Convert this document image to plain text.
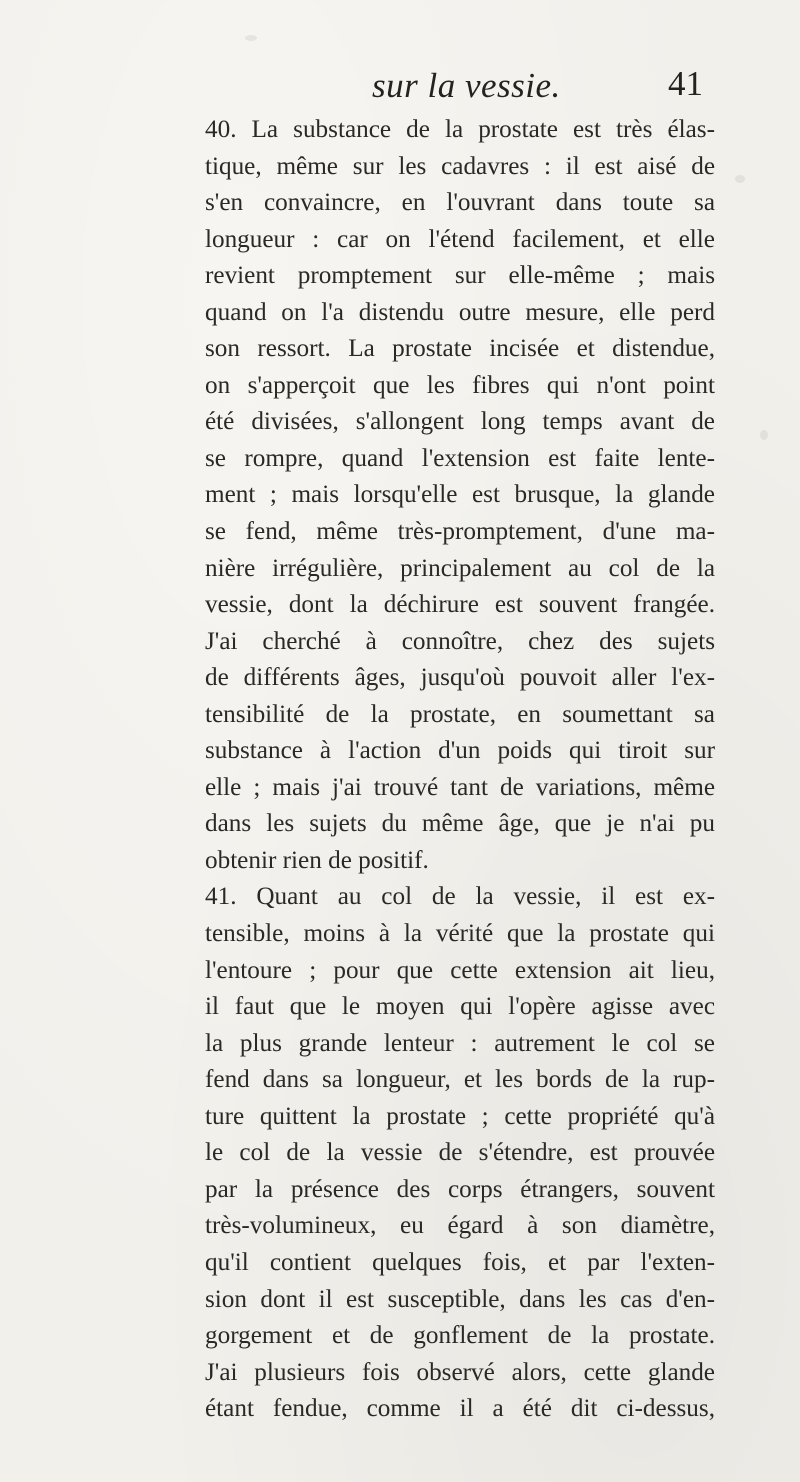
sur la vessie.	41
40. La substance de la prostate est très élas-
tique, même sur les cadavres : il est aisé de
s'en convaincre, en l'ouvrant dans toute sa
longueur : car on l'étend facilement, et elle
revient promptement sur elle-même ; mais
quand on l'a distendu outre mesure, elle perd
son ressort. La prostate incisée et distendue,
on s'apperçoit que les fibres qui n'ont point
été divisées, s'allongent long temps avant de
se rompre, quand l'extension est faite lente-
ment ; mais lorsqu'elle est brusque, la glande
se fend, même très-promptement, d'une ma-
nière irrégulière, principalement au col de la
vessie, dont la déchirure est souvent frangée.
J'ai cherché à connoître, chez des sujets
de différents âges, jusqu'où pouvoit aller l'ex-
tensibilité de la prostate, en soumettant sa
substance à l'action d'un poids qui tiroit sur
elle ; mais j'ai trouvé tant de variations, même
dans les sujets du même âge, que je n'ai pu
obtenir rien de positif.
41. Quant au col de la vessie, il est ex-
tensible, moins à la vérité que la prostate qui
l'entoure ; pour que cette extension ait lieu,
il faut que le moyen qui l'opère agisse avec
la plus grande lenteur : autrement le col se
fend dans sa longueur, et les bords de la rup-
ture quittent la prostate ; cette propriété qu'à
le col de la vessie de s'étendre, est prouvée
par la présence des corps étrangers, souvent
très-volumineux, eu égard à son diamètre,
qu'il contient quelques fois, et par l'exten-
sion dont il est susceptible, dans les cas d'en-
gorgement et de gonflement de la prostate.
J'ai plusieurs fois observé alors, cette glande
étant fendue, comme il a été dit ci-dessus,
